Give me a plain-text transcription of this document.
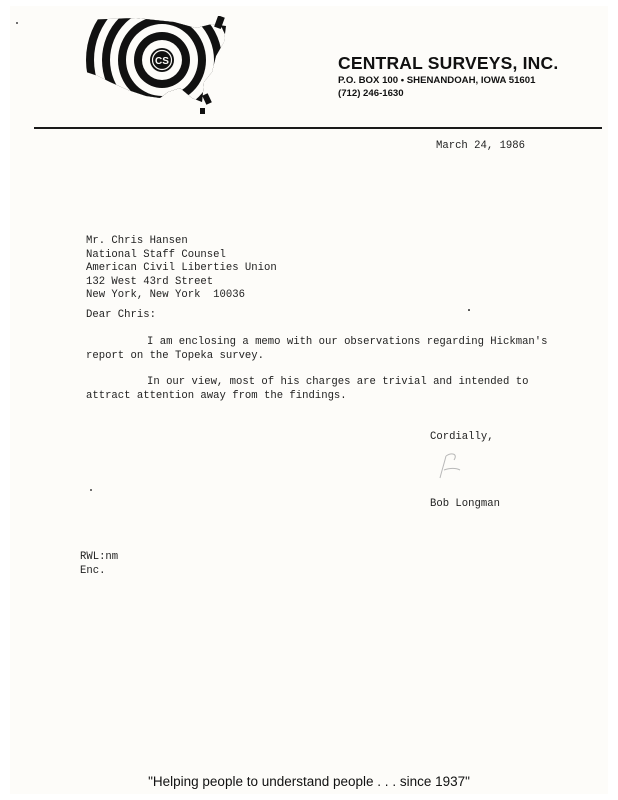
CS	CENTRAL SURVEYS, INC.
P.O. BOX 100 • SHENANDOAH, IOWA 51601
(712) 246-1630
March 24, 1986
Mr. Chris Hansen
National Staff Counsel
American Civil Liberties Union
132 West 43rd Street
New York, New York  10036
Dear Chris:
I am enclosing a memo with our observations regarding Hickman's
report on the Topeka survey.
In our view, most of his charges are trivial and intended to
attract attention away from the findings.
Cordially,
Bob Longman
RWL:nm
Enc.
"Helping people to understand people . . . since 1937"
